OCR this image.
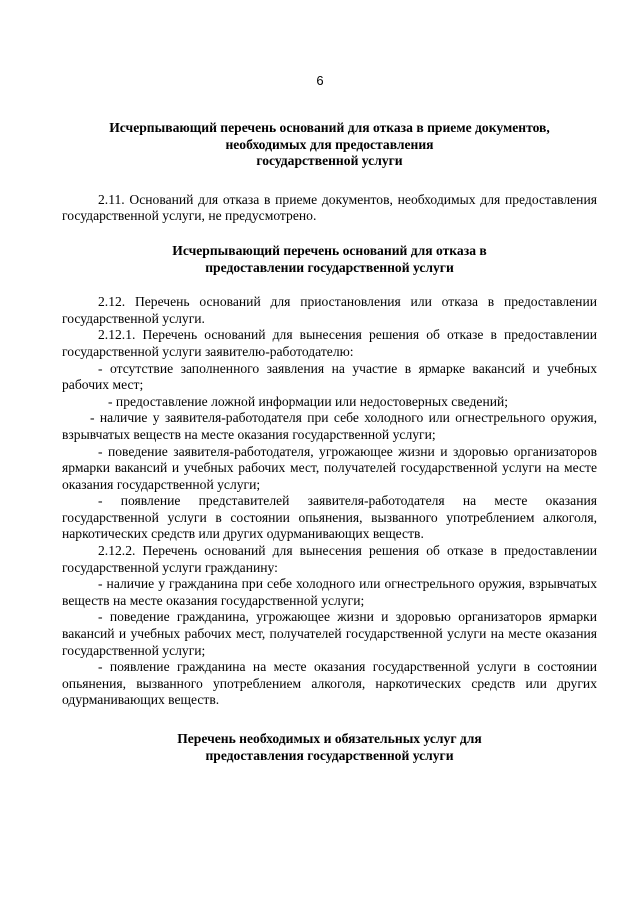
6
Исчерпывающий перечень оснований для отказа в приеме документов,
необходимых для предоставления
государственной услуги

2.11. Оснований для отказа в приеме документов, необходимых для предоставления государственной услуги, не предусмотрено.

Исчерпывающий перечень оснований для отказа в
предоставлении государственной услуги

2.12. Перечень оснований для приостановления или отказа в предоставлении государственной услуги.

2.12.1. Перечень оснований для вынесения решения об отказе в предоставлении государственной услуги заявителю-работодателю:

- отсутствие заполненного заявления на участие в ярмарке вакансий и учебных рабочих мест;

- предоставление ложной информации или недостоверных сведений;

- наличие у заявителя-работодателя при себе холодного или огнестрельного оружия, взрывчатых веществ на месте оказания государственной услуги;

- поведение заявителя-работодателя, угрожающее жизни и здоровью организаторов ярмарки вакансий и учебных рабочих мест, получателей государственной услуги на месте оказания государственной услуги;

- появление представителей заявителя-работодателя на месте оказания государственной услуги в состоянии опьянения, вызванного употреблением алкоголя, наркотических средств или других одурманивающих веществ.

2.12.2. Перечень оснований для вынесения решения об отказе в предоставлении государственной услуги гражданину:

- наличие у гражданина при себе холодного или огнестрельного оружия, взрывчатых веществ на месте оказания государственной услуги;

- поведение гражданина, угрожающее жизни и здоровью организаторов ярмарки вакансий и учебных рабочих мест, получателей государственной услуги на месте оказания государственной услуги;

- появление гражданина на месте оказания государственной услуги в состоянии опьянения, вызванного употреблением алкоголя, наркотических средств или других одурманивающих веществ.

Перечень необходимых и обязательных услуг для
предоставления государственной услуги
